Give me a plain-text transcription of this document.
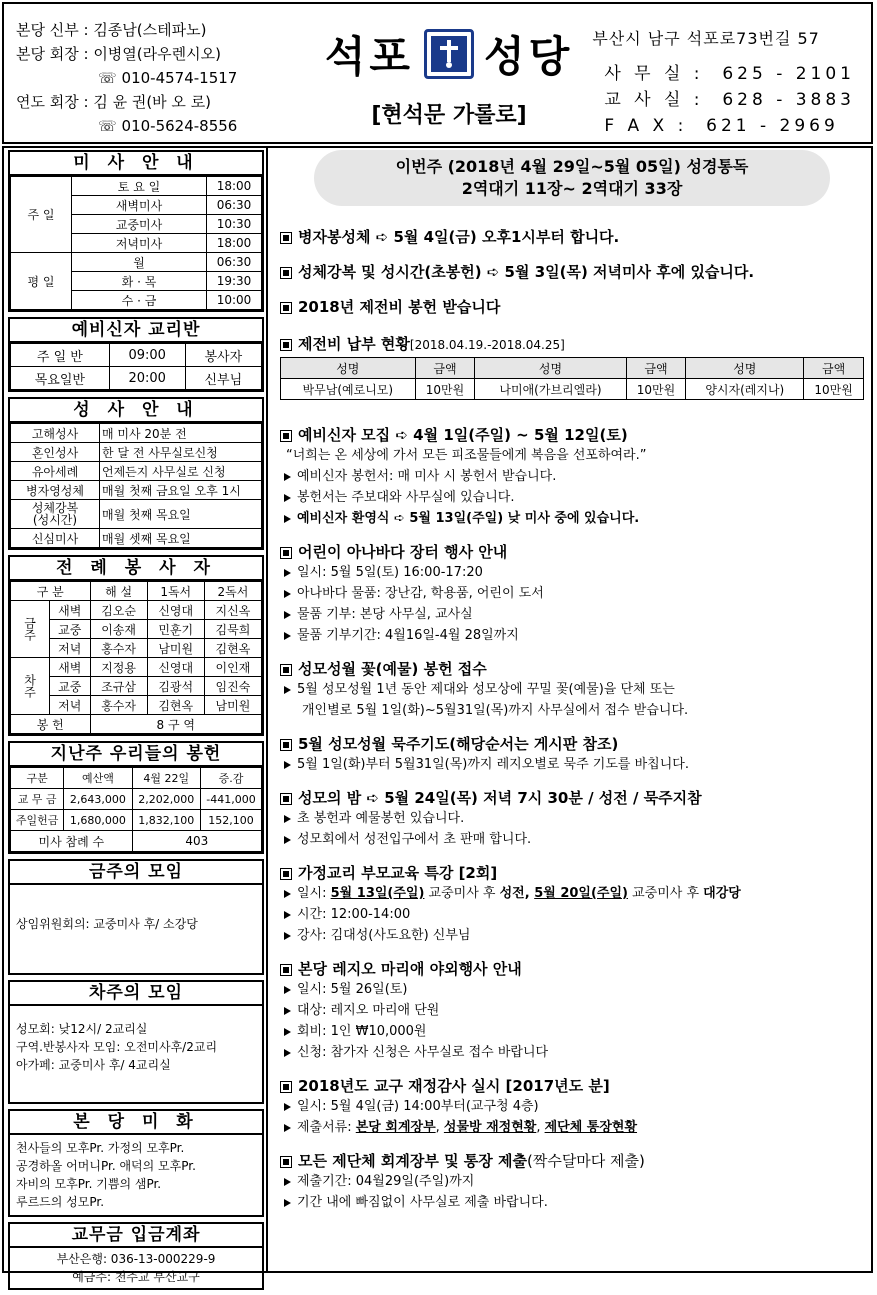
본당 신부 : 김종남(스테파노)
본당 회장 : 이병열(라우렌시오)
☏ 010-4574-1517
연도 회장 : 김 윤 권(바 오 로)
☏ 010-5624-8556
석포 성당
[현석문 가롤로]
부산시 남구 석포로73번길 57
사 무 실 :  625 - 2101
교 사 실 :  628 - 3883
F A X :  621 - 2969
미 사 안 내
주 일	토 요 일	18:00
	새벽미사	06:30
	교중미사	10:30
	저녁미사	18:00
평 일	월	06:30
	화 · 목	19:30
	수 · 금	10:00
예비신자 교리반
주 일 반	09:00	봉사자
목요일반	20:00	신부님
성 사 안 내
고해성사	매 미사 20분 전
혼인성사	한 달 전 사무실로신청
유아세례	언제든지 사무실로 신청
병자영성체	매월 첫째 금요일 오후 1시
성체강복
(성시간)	매월 첫째 목요일
신심미사	매월 셋째 목요일
전 례 봉 사 자
구 분		해 설	1독서	2독서
금주	새벽	김오순	신영대	지신옥
	교중	이송재	민훈기	김묵희
	저녁	홍수자	남미원	김현옥
차주	새벽	지정용	신영대	이인재
	교중	조규삼	김광석	임진숙
	저녁	홍수자	김현옥	남미원
봉 헌		8 구 역		
지난주 우리들의 봉헌
구분	예산액	4월 22일	증.감
교 무 금	2,643,000	2,202,000	-441,000
주일헌금	1,680,000	1,832,100	152,100
미사 참례 수		403	
금주의 모임
상임위원회의: 교중미사 후/ 소강당
차주의 모임
성모회: 낮12시/ 2교리실
구역.반봉사자 모임: 오전미사후/2교리
아가페: 교중미사 후/ 4교리실
본 당 미 화
천사들의 모후Pr. 가정의 모후Pr.
공경하올 어머니Pr. 애덕의 모후Pr.
자비의 모후Pr. 기쁨의 샘Pr.
루르드의 성모Pr.
교무금 입금계좌
부산은행: 036-13-000229-9
예금주: 천주교 부산교구
이번주 (2018년 4월 29일~5월 05일) 성경통독
2역대기 11장~ 2역대기 33장
병자봉성체 ➪ 5월 4일(금) 오후1시부터 합니다.
성체강복 및 성시간(초봉헌) ➪ 5월 3일(목) 저녁미사 후에 있습니다.
2018년 제전비 봉헌 받습니다
제전비 납부 현황[2018.04.19.-2018.04.25]
성명	금액	성명	금액	성명	금액
박무남(예로니모)	10만원	나미애(가브리엘라)	10만원	양시자(레지나)	10만원
예비신자 모집 ➪ 4월 1일(주일) ~ 5월 12일(토)
“너희는 온 세상에 가서 모든 피조물들에게 복음을 선포하여라.”
예비신자 봉헌서: 매 미사 시 봉헌서 받습니다.
봉헌서는 주보대와 사무실에 있습니다.
예비신자 환영식 ➪ 5월 13일(주일) 낮 미사 중에 있습니다.
어린이 아나바다 장터 행사 안내
일시: 5월 5일(토) 16:00-17:20
아나바다 물품: 장난감, 학용품, 어린이 도서
물품 기부: 본당 사무실, 교사실
물품 기부기간: 4월16일-4월 28일까지
성모성월 꽃(예물) 봉헌 접수
5월 성모성월 1년 동안 제대와 성모상에 꾸밀 꽃(예물)을 단체 또는
개인별로 5월 1일(화)~5월31일(목)까지 사무실에서 접수 받습니다.
5월 성모성월 묵주기도(해당순서는 게시판 참조)
5월 1일(화)부터 5월31일(목)까지 레지오별로 묵주 기도를 바칩니다.
성모의 밤 ➪ 5월 24일(목) 저녁 7시 30분 / 성전 / 묵주지참
초 봉헌과 예물봉헌 있습니다.
성모회에서 성전입구에서 초 판매 합니다.
가정교리 부모교육 특강 [2회]
일시: 5월 13일(주일) 교중미사 후 성전, 5월 20일(주일) 교중미사 후 대강당
시간: 12:00-14:00
강사: 김대성(사도요한) 신부님
본당 레지오 마리애 야외행사 안내
일시: 5월 26일(토)
대상: 레지오 마리애 단원
회비: 1인 ₩10,000원
신청: 참가자 신청은 사무실로 접수 바랍니다
2018년도 교구 재정감사 실시 [2017년도 분]
일시: 5월 4일(금) 14:00부터(교구청 4층)
제출서류: 본당 회계장부, 성물방 재정현황, 제단체 통장현황
모든 제단체 회계장부 및 통장 제출(짝수달마다 제출)
제출기간: 04월29일(주일)까지
기간 내에 빠짐없이 사무실로 제출 바랍니다.
